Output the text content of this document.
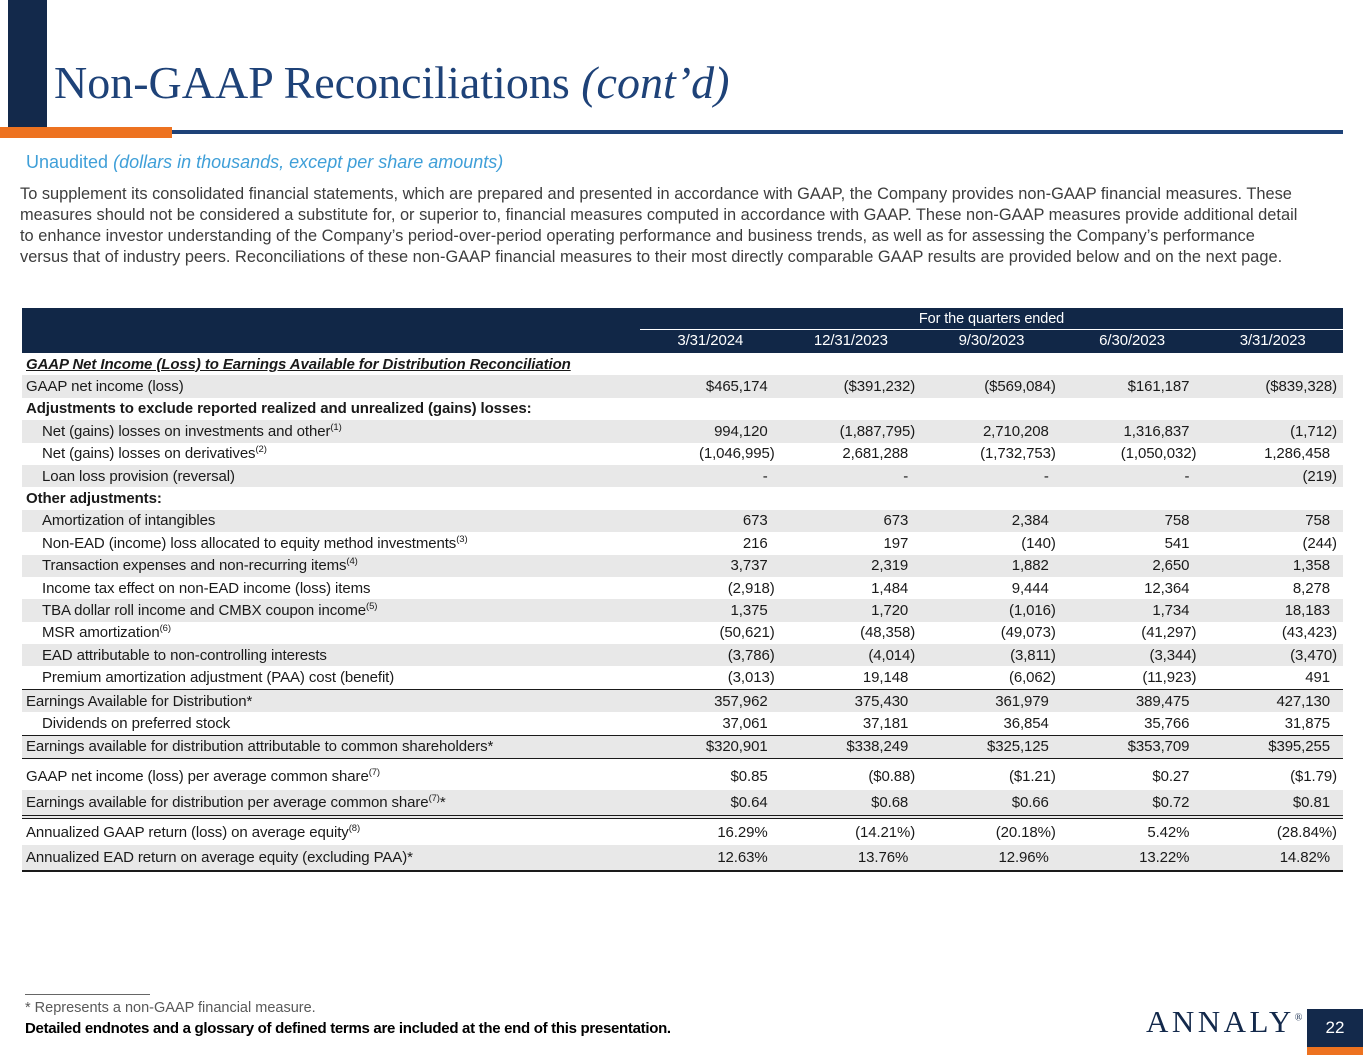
Non-GAAP Reconciliations (cont’d)
Unaudited (dollars in thousands, except per share amounts)
To supplement its consolidated financial statements, which are prepared and presented in accordance with GAAP, the Company provides non-GAAP financial measures. These
measures should not be considered a substitute for, or superior to, financial measures computed in accordance with GAAP. These non-GAAP measures provide additional detail
to enhance investor understanding of the Company’s period-over-period operating performance and business trends, as well as for assessing the Company’s performance
versus that of industry peers. Reconciliations of these non-GAAP financial measures to their most directly comparable GAAP results are provided below and on the next page.
For the quarters ended
3/31/2024	12/31/2023	9/30/2023	6/30/2023	3/31/2023
GAAP Net Income (Loss) to Earnings Available for Distribution Reconciliation
GAAP net income (loss)	$465,174	($391,232)	($569,084)	$161,187	($839,328)
Adjustments to exclude reported realized and unrealized (gains) losses:
Net (gains) losses on investments and other$^{(1)}$	994,120	(1,887,795)	2,710,208	1,316,837	(1,712)
Net (gains) losses on derivatives$^{(2)}$	(1,046,995)	2,681,288	(1,732,753)	(1,050,032)	1,286,458
Loan loss provision (reversal)	-	-	-	-	(219)
Other adjustments:
Amortization of intangibles	673	673	2,384	758	758
Non-EAD (income) loss allocated to equity method investments$^{(3)}$	216	197	(140)	541	(244)
Transaction expenses and non-recurring items$^{(4)}$	3,737	2,319	1,882	2,650	1,358
Income tax effect on non-EAD income (loss) items	(2,918)	1,484	9,444	12,364	8,278
TBA dollar roll income and CMBX coupon income$^{(5)}$	1,375	1,720	(1,016)	1,734	18,183
MSR amortization$^{(6)}$	(50,621)	(48,358)	(49,073)	(41,297)	(43,423)
EAD attributable to non-controlling interests	(3,786)	(4,014)	(3,811)	(3,344)	(3,470)
Premium amortization adjustment (PAA) cost (benefit)	(3,013)	19,148	(6,062)	(11,923)	491
Earnings Available for Distribution*	357,962	375,430	361,979	389,475	427,130
Dividends on preferred stock	37,061	37,181	36,854	35,766	31,875
Earnings available for distribution attributable to common shareholders*	$320,901	$338,249	$325,125	$353,709	$395,255
GAAP net income (loss) per average common share$^{(7)}$	$0.85	($0.88)	($1.21)	$0.27	($1.79)
Earnings available for distribution per average common share$^{(7)}$*	$0.64	$0.68	$0.66	$0.72	$0.81
Annualized GAAP return (loss) on average equity$^{(8)}$	16.29%	(14.21%)	(20.18%)	5.42%	(28.84%)
Annualized EAD return on average equity (excluding PAA)*	12.63%	13.76%	12.96%	13.22%	14.82%
* Represents a non-GAAP financial measure.
Detailed endnotes and a glossary of defined terms are included at the end of this presentation.	ANNALY® 22
